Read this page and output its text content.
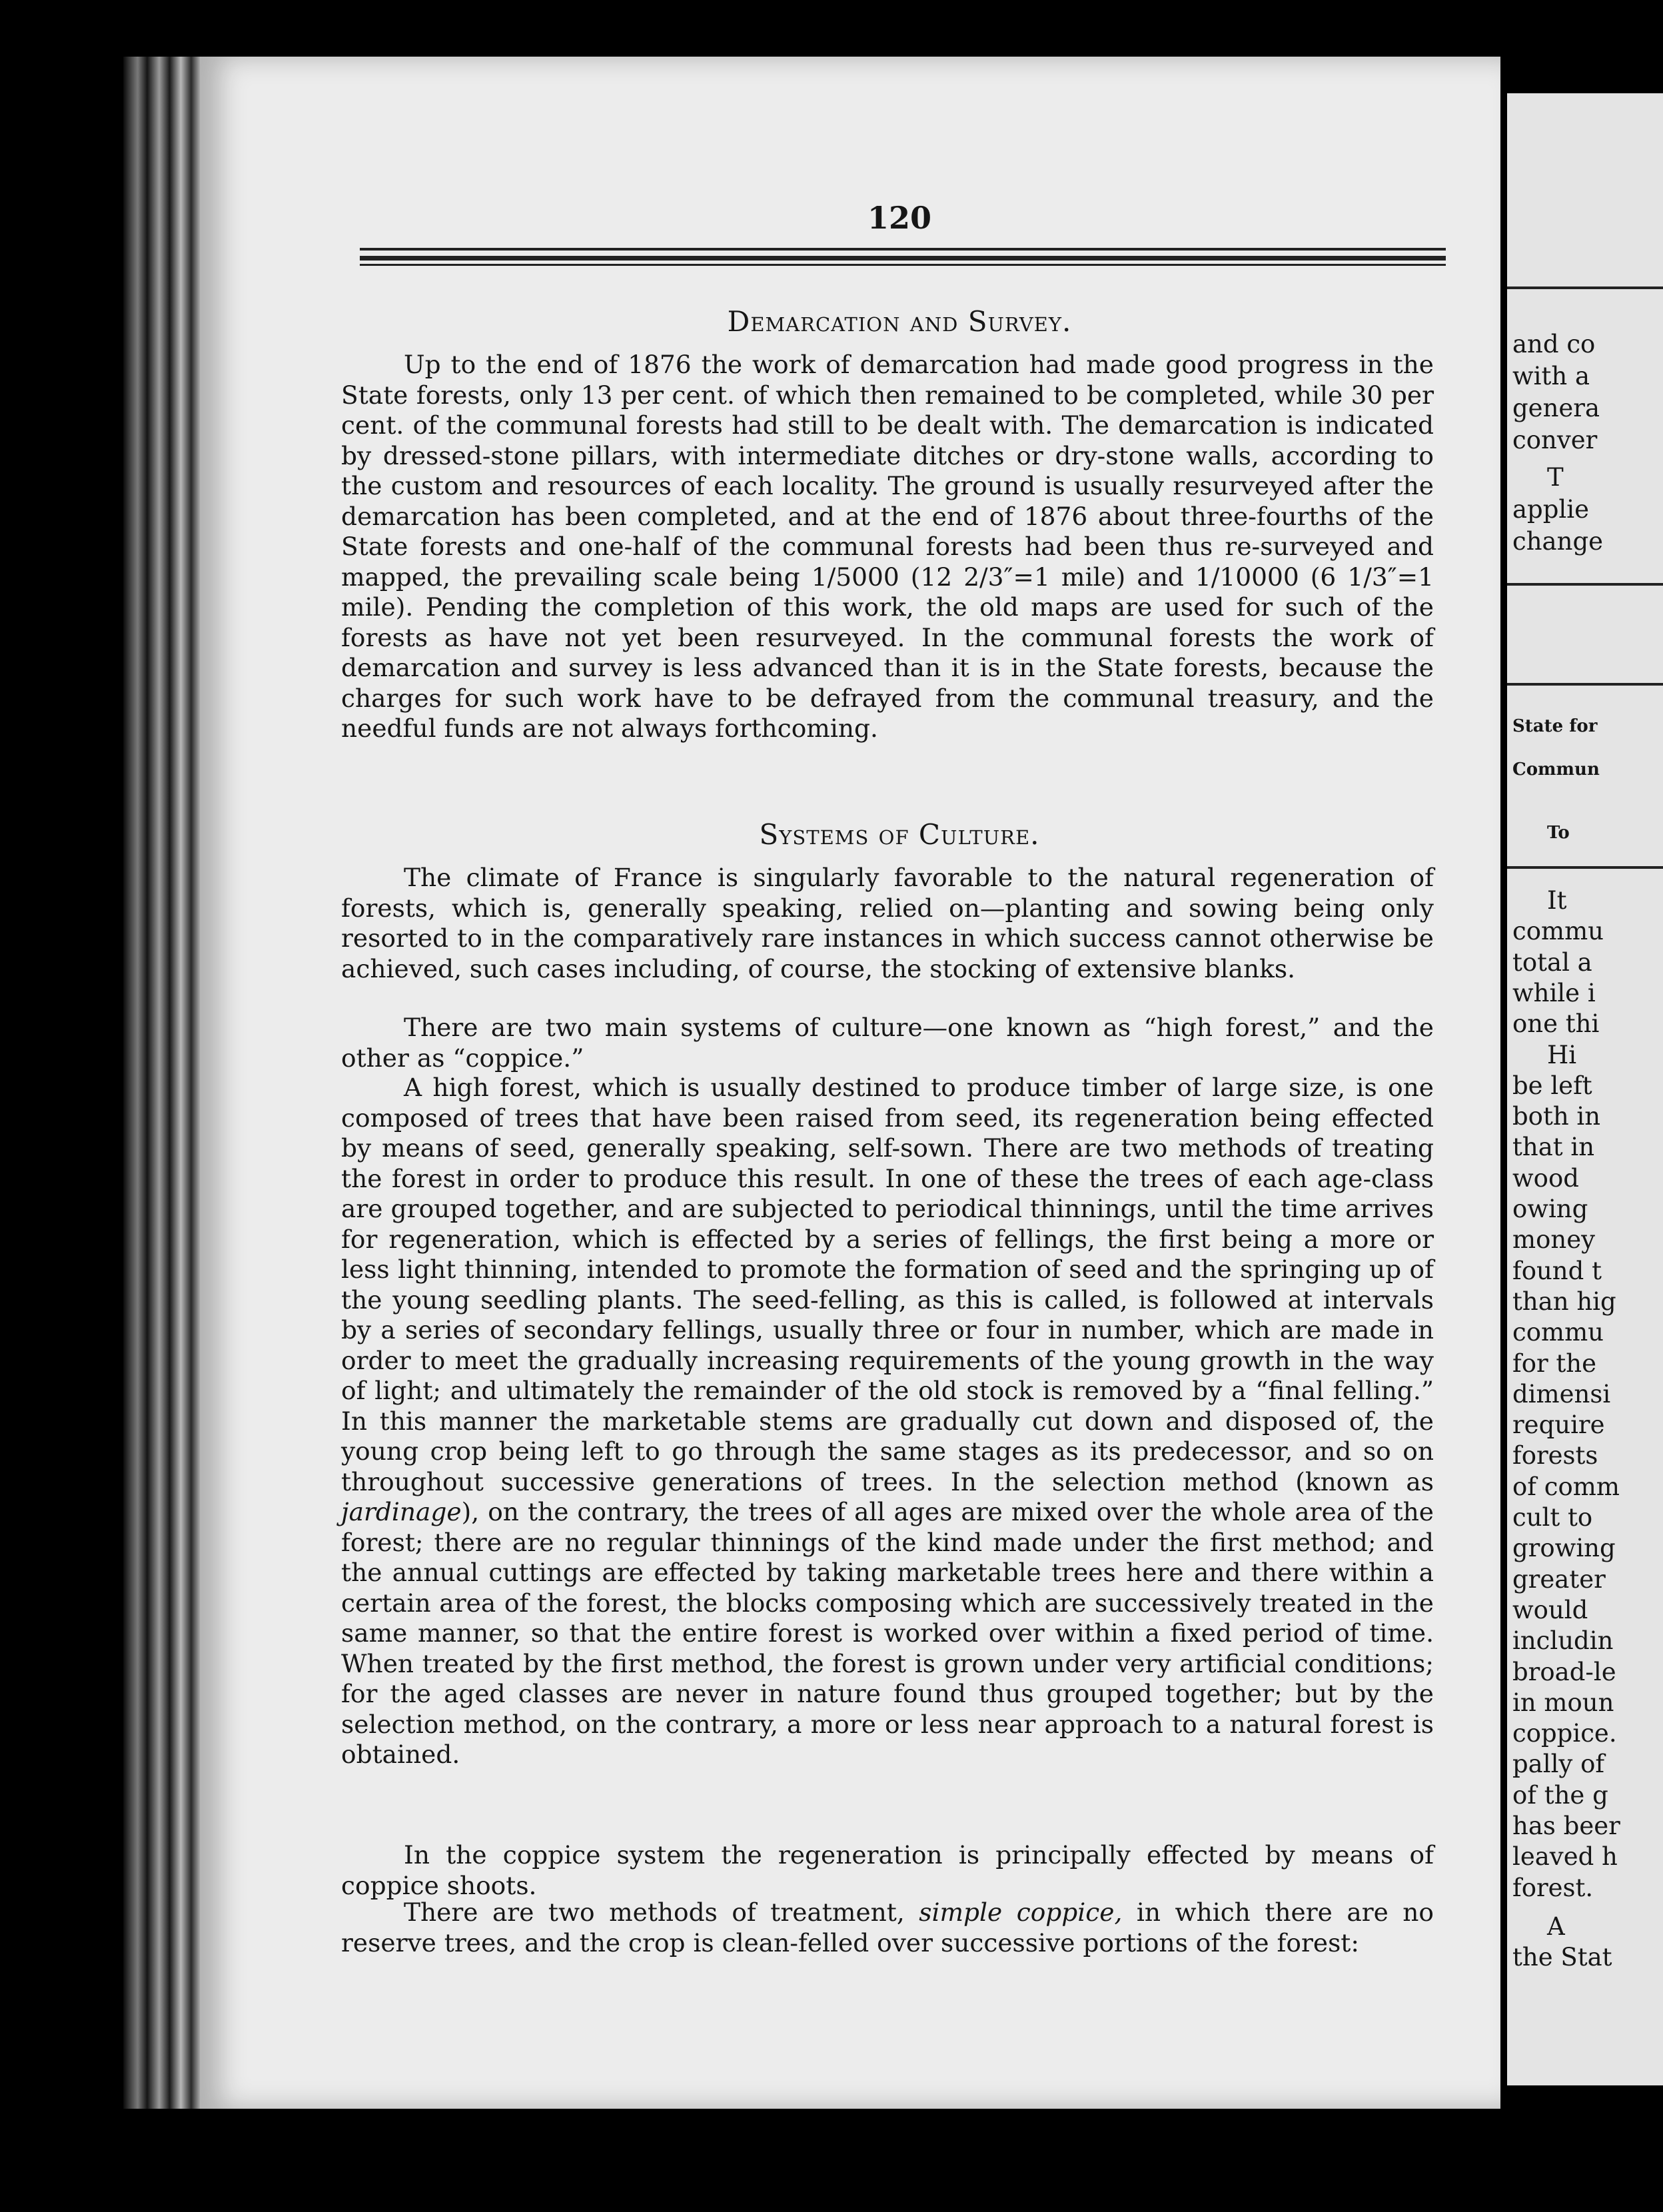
120
Demarcation and Survey.

Up to the end of 1876 the work of demarcation had made good progress in the State forests, only 13 per cent. of which then remained to be completed, while 30 per cent. of the communal forests had still to be dealt with. The demarcation is indicated by dressed-stone pillars, with intermediate ditches or dry-stone walls, according to the custom and resources of each locality. The ground is usually resurveyed after the demarcation has been completed, and at the end of 1876 about three-fourths of the State forests and one-half of the communal forests had been thus re-surveyed and mapped, the prevailing scale being 1/5000 (12 2/3″=1 mile) and 1/10000 (6 1/3″=1 mile). Pending the completion of this work, the old maps are used for such of the forests as have not yet been resurveyed. In the communal forests the work of demarcation and survey is less advanced than it is in the State forests, because the charges for such work have to be defrayed from the communal treasury, and the needful funds are not always forthcoming.

Systems of Culture.

The climate of France is singularly favorable to the natural regeneration of forests, which is, generally speaking, relied on—planting and sowing being only resorted to in the comparatively rare instances in which success cannot otherwise be achieved, such cases including, of course, the stocking of extensive blanks.

There are two main systems of culture—one known as “high forest,” and the other as “coppice.”

A high forest, which is usually destined to produce timber of large size, is one composed of trees that have been raised from seed, its regeneration being effected by means of seed, generally speaking, self-sown. There are two methods of treating the forest in order to produce this result. In one of these the trees of each age-class are grouped together, and are subjected to periodical thinnings, until the time arrives for regeneration, which is effected by a series of fellings, the first being a more or less light thinning, intended to promote the formation of seed and the springing up of the young seedling plants. The seed-felling, as this is called, is followed at intervals by a series of secondary fellings, usually three or four in number, which are made in order to meet the gradually increasing requirements of the young growth in the way of light; and ultimately the remainder of the old stock is removed by a “final felling.” In this manner the marketable stems are gradually cut down and disposed of, the young crop being left to go through the same stages as its predecessor, and so on throughout successive generations of trees. In the selection method (known as jardinage), on the contrary, the trees of all ages are mixed over the whole area of the forest; there are no regular thinnings of the kind made under the first method; and the annual cuttings are effected by taking marketable trees here and there within a certain area of the forest, the blocks composing which are successively treated in the same manner, so that the entire forest is worked over within a fixed period of time. When treated by the first method, the forest is grown under very artificial conditions; for the aged classes are never in nature found thus grouped together; but by the selection method, on the contrary, a more or less near approach to a natural forest is obtained.

In the coppice system the regeneration is principally effected by means of coppice shoots.

There are two methods of treatment, simple coppice, in which there are no reserve trees, and the crop is clean-felled over successive portions of the forest:

and co
with a
genera
conver
T
applie
change
State for
Commun
To
It
commu
total a
while i
one thi
Hi
be left
both in
that in
wood
owing
money
found t
than hig
commu
for the
dimensi
require
forests
of comm
cult to
growing
greater
would
includin
broad-le
in moun
coppice.
pally of
of the g
has beer
leaved h
forest.
A
the Stat
